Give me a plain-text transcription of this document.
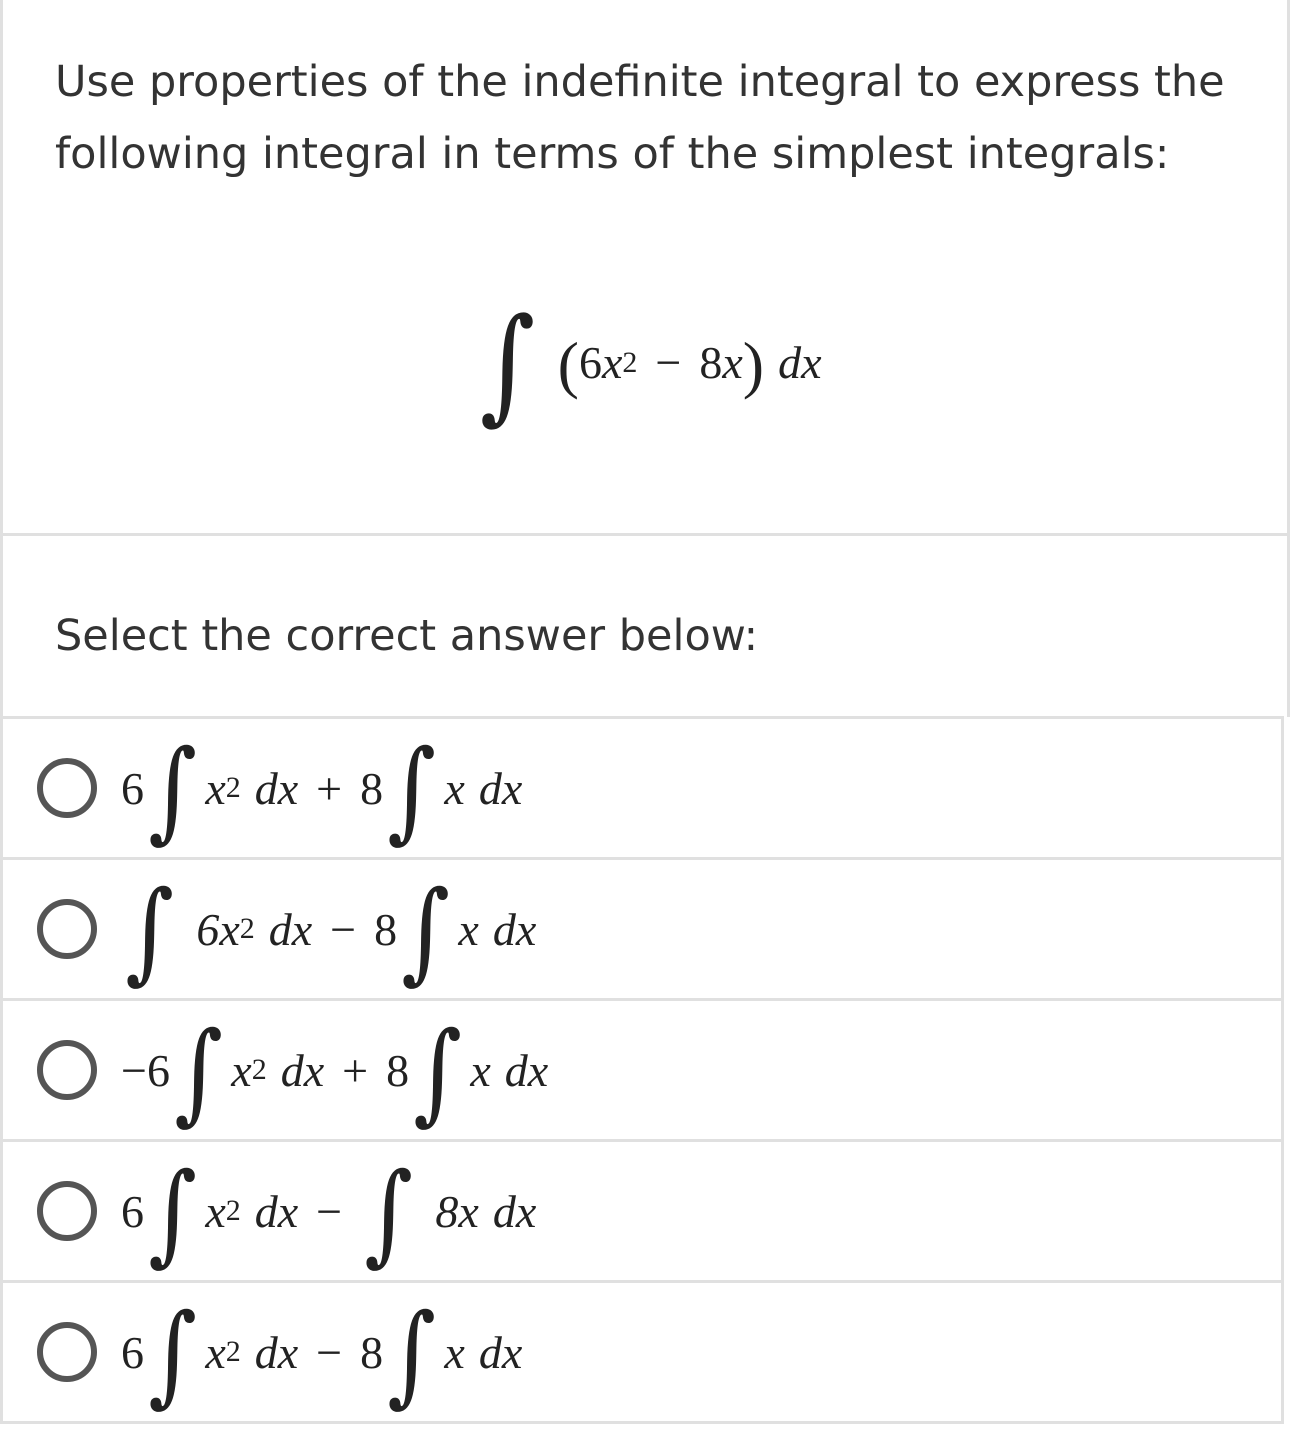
Use properties of the indefinite integral to express the following integral in terms of the simplest integrals:
∫ ( 6 x 2 − 8 x ) dx
Select the correct answer below:
6 ∫ x 2 dx + 8 ∫ x dx
∫ 6x 2 dx − 8 ∫ x dx
−6 ∫ x 2 dx + 8 ∫ x dx
6 ∫ x 2 dx − ∫ 8x dx
6 ∫ x 2 dx − 8 ∫ x dx
